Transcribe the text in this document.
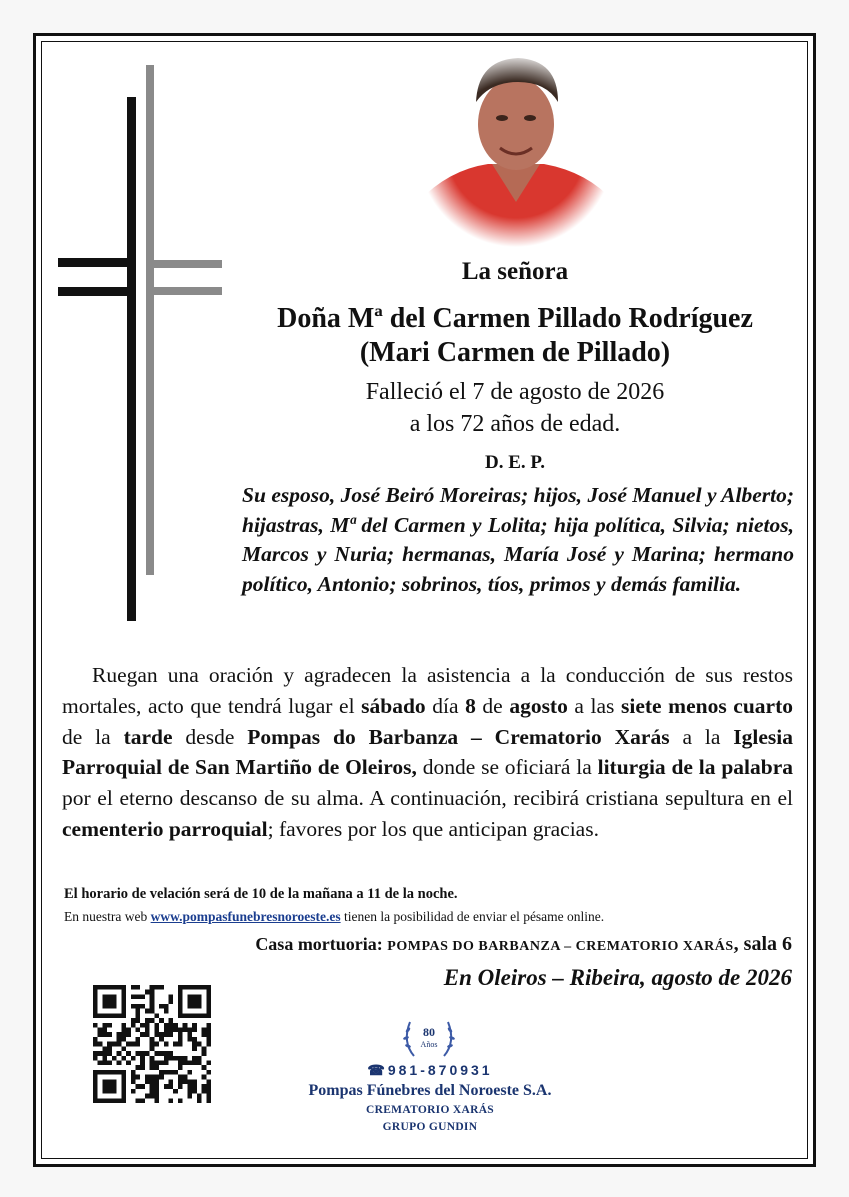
La señora
Doña Mª del Carmen Pillado Rodríguez
(Mari Carmen de Pillado)
Falleció el 7 de agosto de 2026
a los 72 años de edad.
D. E. P.
Su esposo, José Beiró Moreiras; hijos, José Manuel y Alberto; hijastras, Mª del Carmen y Lolita; hija política, Silvia; nietos, Marcos y Nuria; hermanas, María José y Marina; hermano político, Antonio; sobrinos, tíos, primos y demás familia.
Ruegan una oración y agradecen la asistencia a la conducción de sus restos mortales, acto que tendrá lugar el sábado día 8 de agosto a las siete menos cuarto de la tarde desde Pompas do Barbanza – Crematorio Xarás a la Iglesia Parroquial de San Martiño de Oleiros, donde se oficiará la liturgia de la palabra por el eterno descanso de su alma. A continuación, recibirá cristiana sepultura en el cementerio parroquial; favores por los que anticipan gracias.
El horario de velación será de 10 de la mañana a 11 de la noche.
En nuestra web www.pompasfunebresnoroeste.es tienen la posibilidad de enviar el pésame online.
Casa mortuoria: POMPAS DO BARBANZA – CREMATORIO XARÁS, sala 6
En Oleiros – Ribeira, agosto de 2026
80
Años
☎981-870931
Pompas Fúnebres del Noroeste S.A.
CREMATORIO XARÁS
GRUPO GUNDIN
